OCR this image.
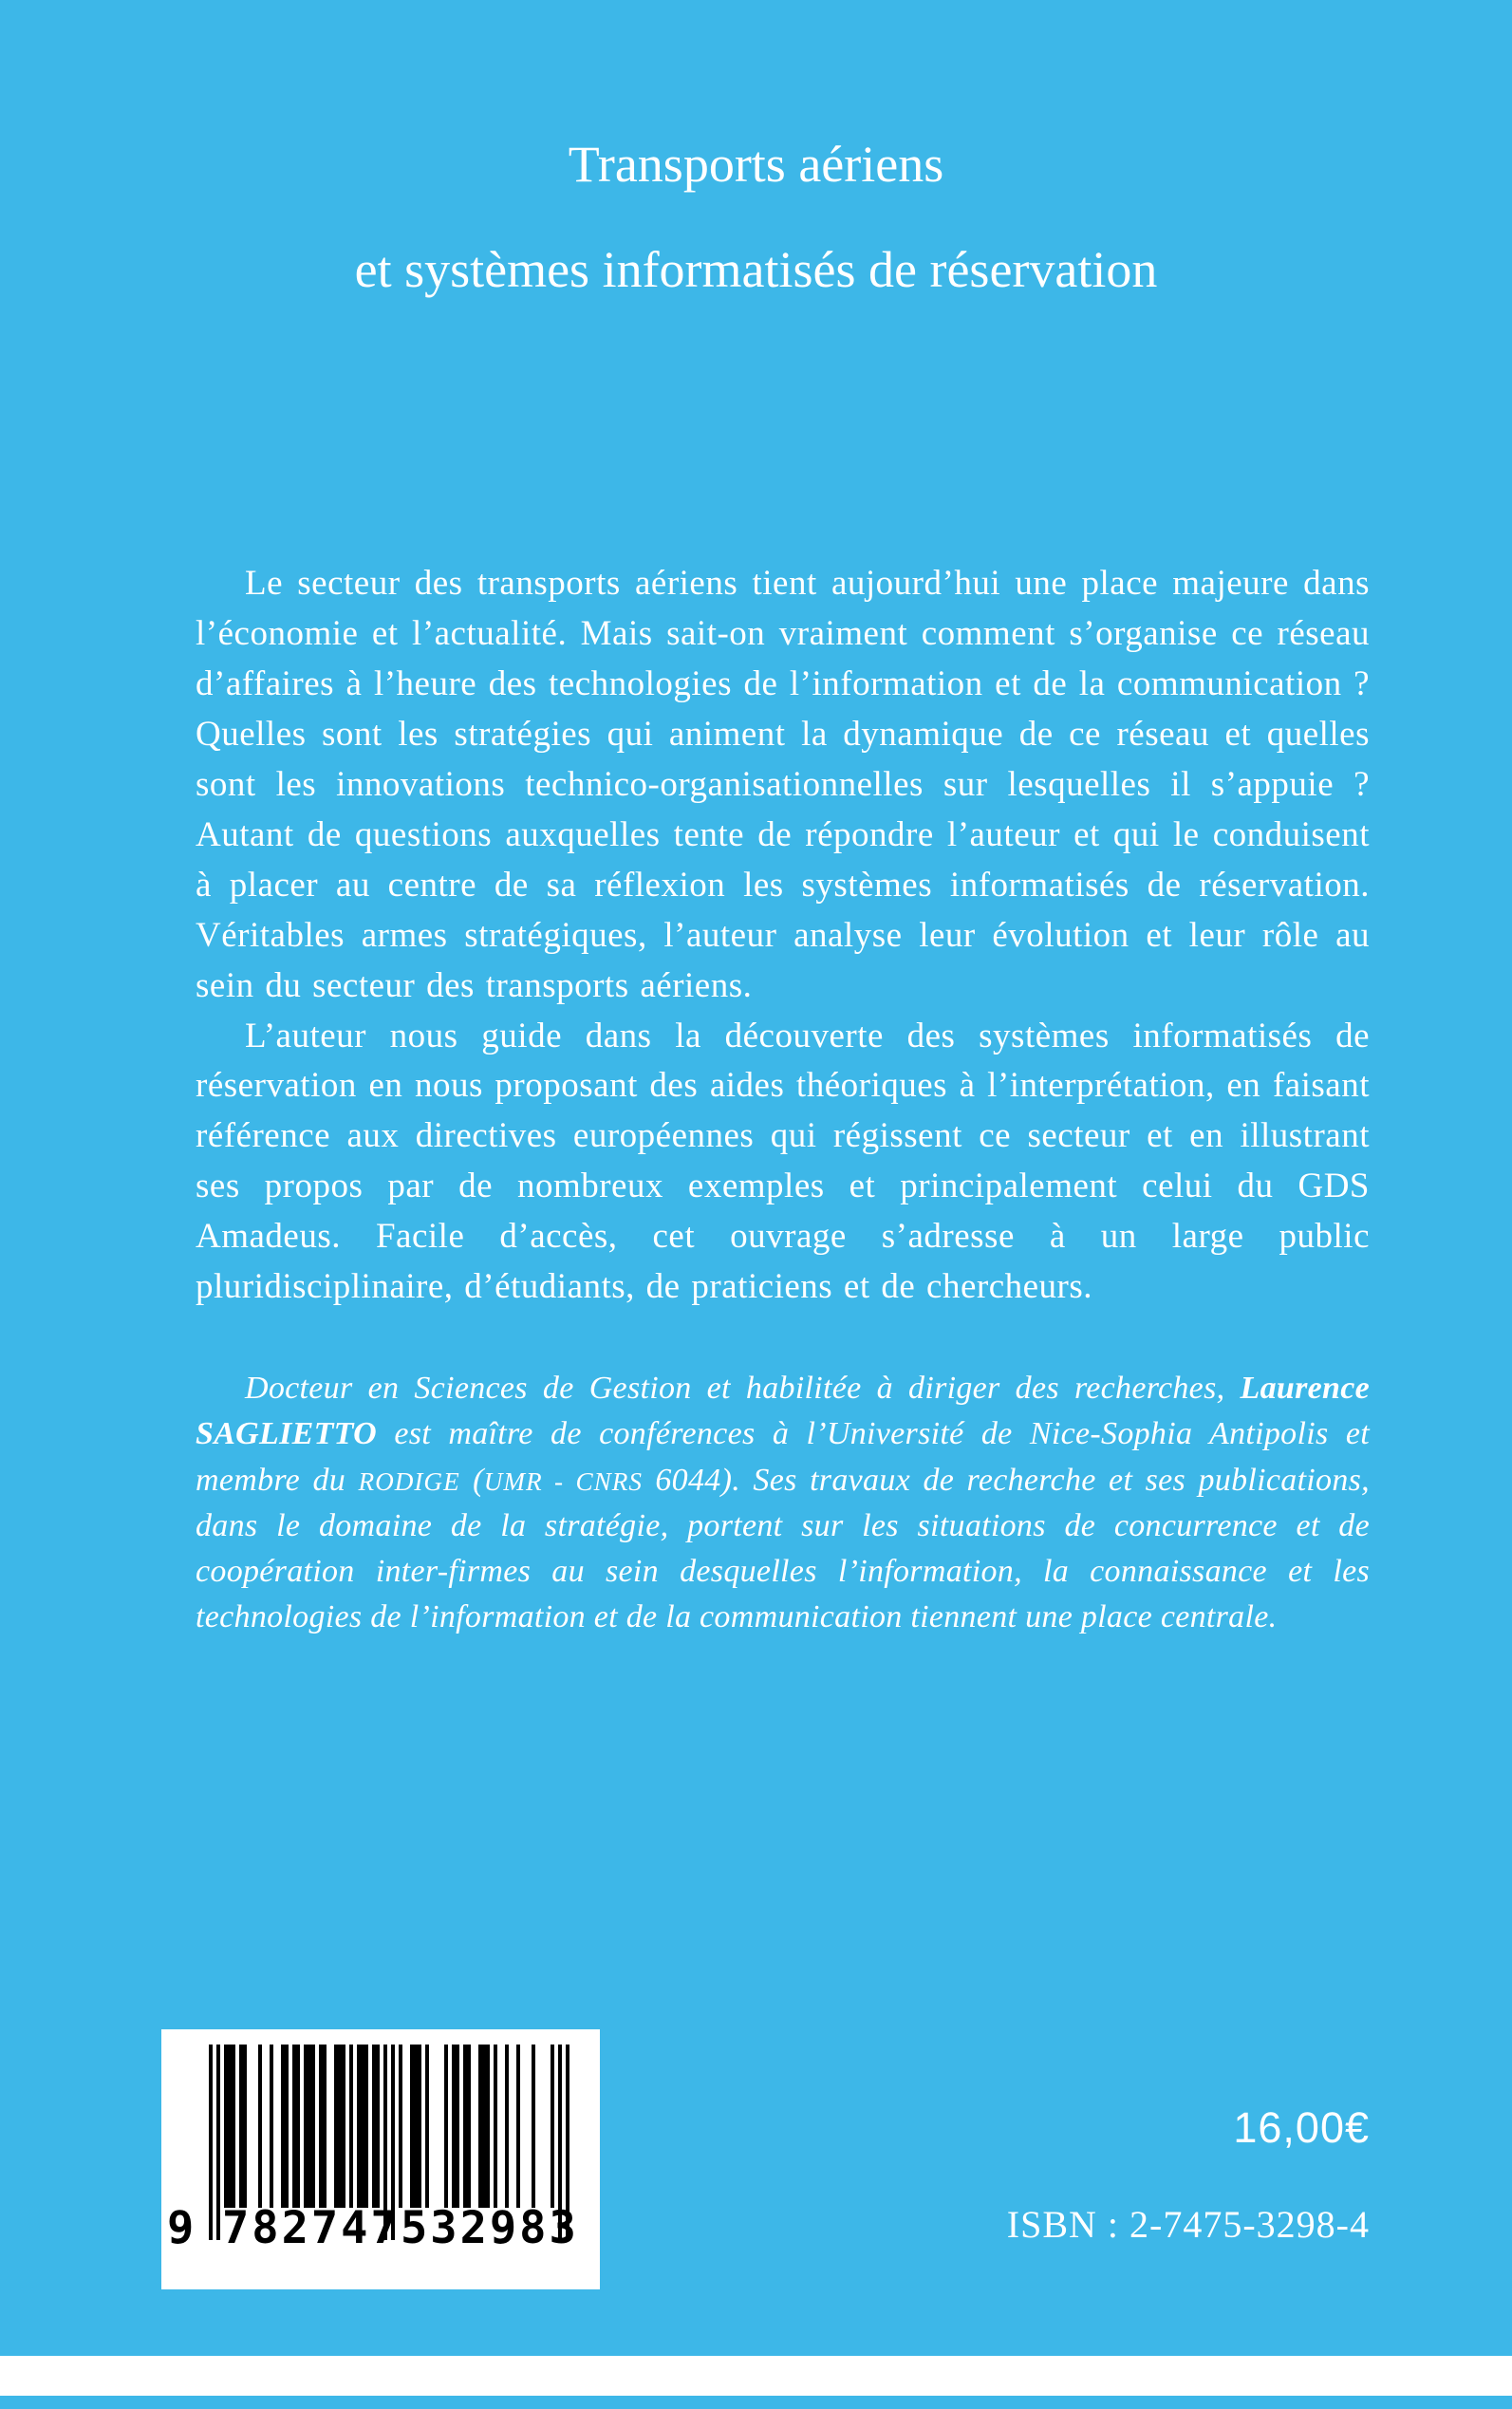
Transports aériens
et systèmes informatisés de réservation

Le secteur des transports aériens tient aujourd’hui une place majeure dans l’économie et l’actualité. Mais sait-on vraiment comment s’organise ce réseau d’affaires à l’heure des technologies de l’information et de la communication ? Quelles sont les stratégies qui animent la dynamique de ce réseau et quelles sont les innovations technico-organisationnelles sur lesquelles il s’appuie ? Autant de questions auxquelles tente de répondre l’auteur et qui le conduisent à placer au centre de sa réflexion les systèmes informatisés de réservation. Véritables armes stratégiques, l’auteur analyse leur évolution et leur rôle au sein du secteur des transports aériens.

L’auteur nous guide dans la découverte des systèmes informatisés de réservation en nous proposant des aides théoriques à l’interprétation, en faisant référence aux directives européennes qui régissent ce secteur et en illustrant ses propos par de nombreux exemples et principalement celui du GDS Amadeus. Facile d’accès, cet ouvrage s’adresse à un large public pluridisciplinaire, d’étudiants, de praticiens et de chercheurs.

Docteur en Sciences de Gestion et habilitée à diriger des recherches, Laurence SAGLIETTO est maître de conférences à l’Université de Nice-Sophia Antipolis et membre du RODIGE (UMR - CNRS 6044). Ses travaux de recherche et ses publications, dans le domaine de la stratégie, portent sur les situations de concurrence et de coopération inter-firmes au sein desquelles l’information, la connaissance et les technologies de l’information et de la communication tiennent une place centrale.

9 782747 532983
16,00€
ISBN : 2-7475-3298-4
